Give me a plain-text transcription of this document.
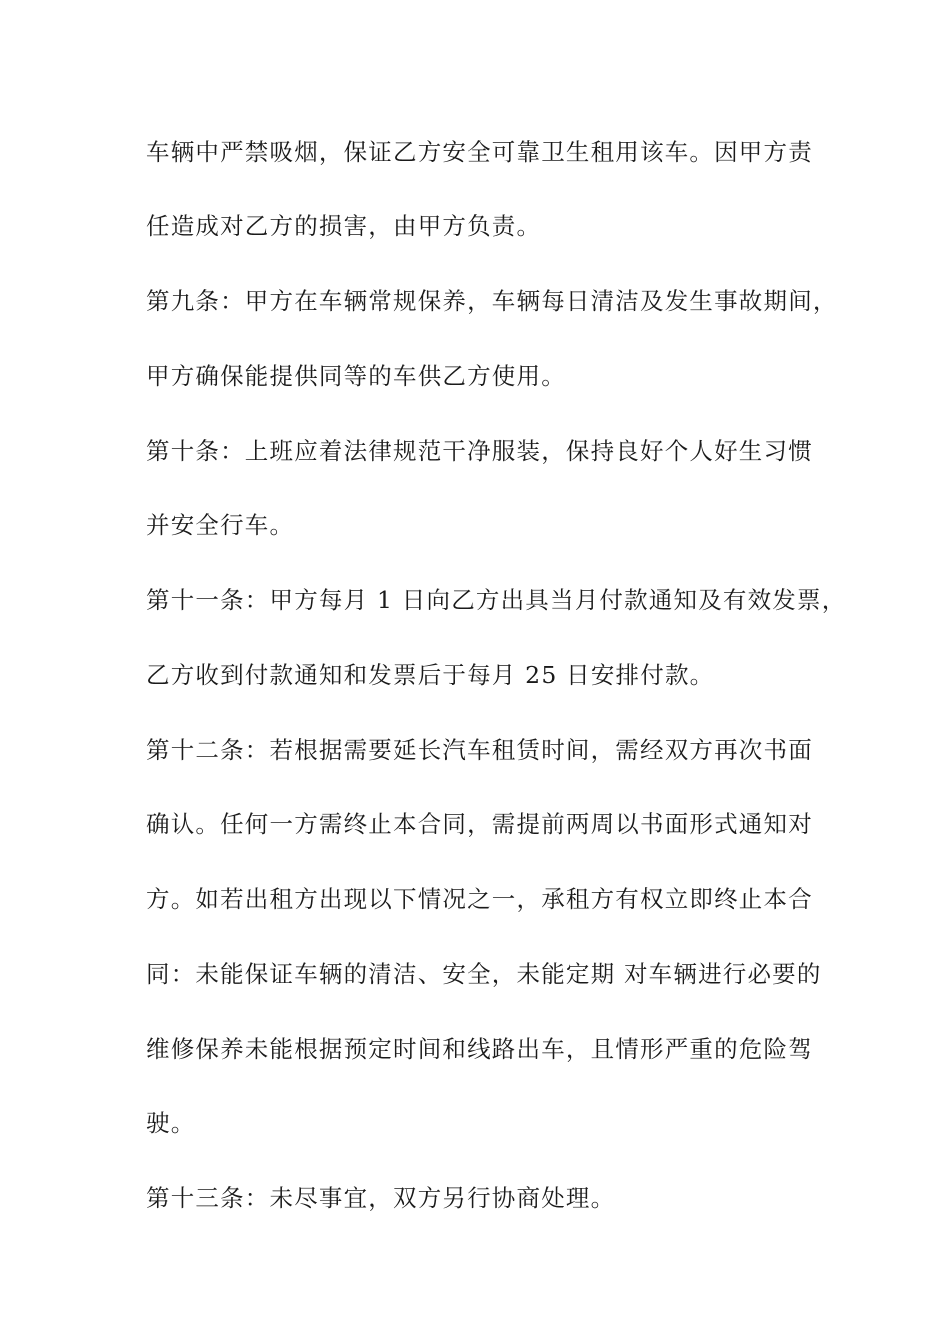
车辆中严禁吸烟，保证乙方安全可靠卫生租用该车。因甲方责
任造成对乙方的损害，由甲方负责。
第九条：甲方在车辆常规保养，车辆每日清洁及发生事故期间，
甲方确保能提供同等的车供乙方使用。
第十条：上班应着法律规范干净服装，保持良好个人好生习惯
并安全行车。
第十一条：甲方每月 1 日向乙方出具当月付款通知及有效发票，
乙方收到付款通知和发票后于每月 25 日安排付款。
第十二条：若根据需要延长汽车租赁时间，需经双方再次书面
确认。任何一方需终止本合同，需提前两周以书面形式通知对
方。如若出租方出现以下情况之一，承租方有权立即终止本合
同：未能保证车辆的清洁、安全，未能定期 对车辆进行必要的
维修保养未能根据预定时间和线路出车，且情形严重的危险驾
驶。
第十三条：未尽事宜，双方另行协商处理。
